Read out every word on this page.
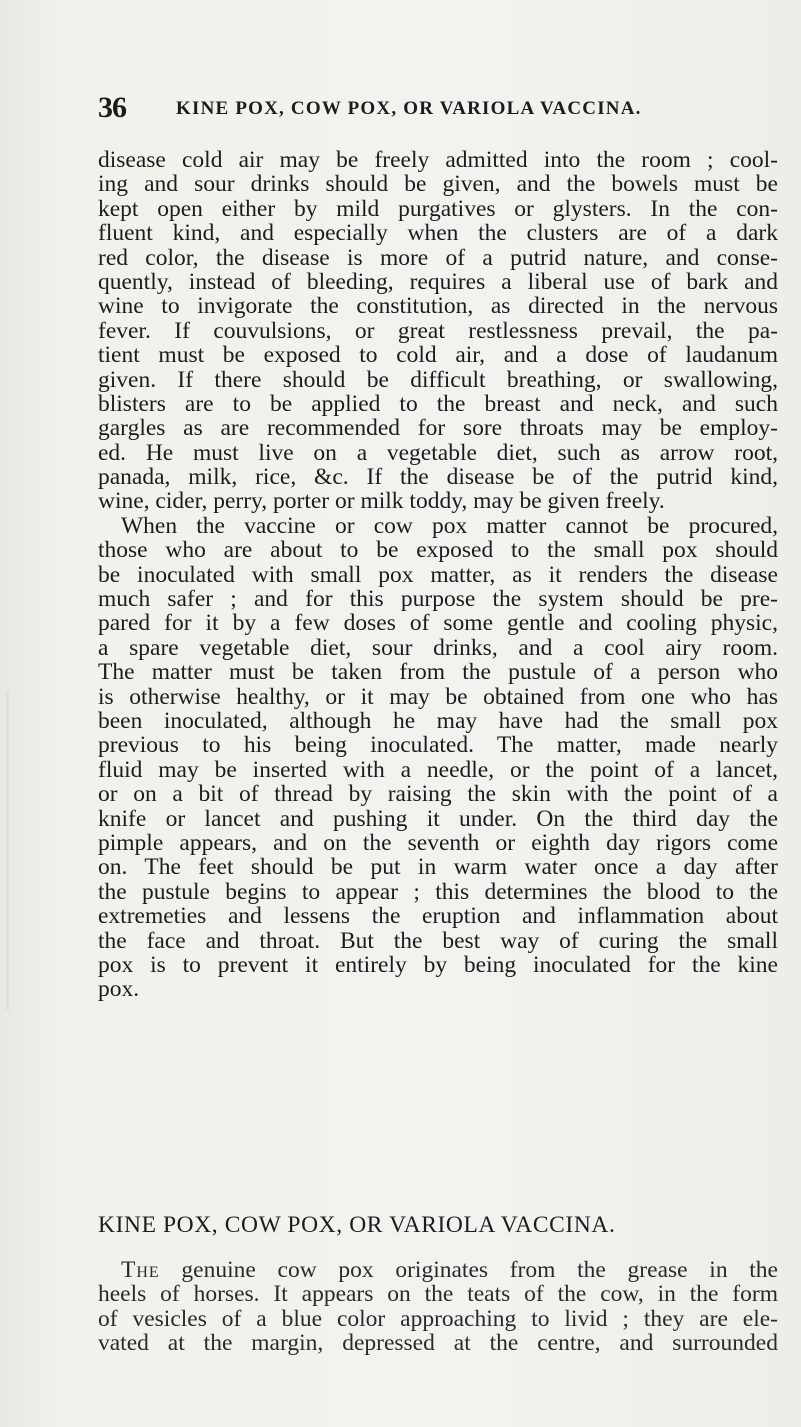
36	KINE POX, COW POX, OR VARIOLA VACCINA.
disease cold air may be freely admitted into the room ; cool-
ing and sour drinks should be given, and the bowels must be
kept open either by mild purgatives or glysters. In the con-
fluent kind, and especially when the clusters are of a dark
red color, the disease is more of a putrid nature, and conse-
quently, instead of bleeding, requires a liberal use of bark and
wine to invigorate the constitution, as directed in the nervous
fever. If couvulsions, or great restlessness prevail, the pa-
tient must be exposed to cold air, and a dose of laudanum
given. If there should be difficult breathing, or swallowing,
blisters are to be applied to the breast and neck, and such
gargles as are recommended for sore throats may be employ-
ed. He must live on a vegetable diet, such as arrow root,
panada, milk, rice, &c. If the disease be of the putrid kind,
wine, cider, perry, porter or milk toddy, may be given freely.
When the vaccine or cow pox matter cannot be procured,
those who are about to be exposed to the small pox should
be inoculated with small pox matter, as it renders the disease
much safer ; and for this purpose the system should be pre-
pared for it by a few doses of some gentle and cooling physic,
a spare vegetable diet, sour drinks, and a cool airy room.
The matter must be taken from the pustule of a person who
is otherwise healthy, or it may be obtained from one who has
been inoculated, although he may have had the small pox
previous to his being inoculated. The matter, made nearly
fluid may be inserted with a needle, or the point of a lancet,
or on a bit of thread by raising the skin with the point of a
knife or lancet and pushing it under. On the third day the
pimple appears, and on the seventh or eighth day rigors come
on. The feet should be put in warm water once a day after
the pustule begins to appear ; this determines the blood to the
extremeties and lessens the eruption and inflammation about
the face and throat. But the best way of curing the small
pox is to prevent it entirely by being inoculated for the kine
pox.
KINE POX, COW POX, OR VARIOLA VACCINA.
The genuine cow pox originates from the grease in the
heels of horses. It appears on the teats of the cow, in the form
of vesicles of a blue color approaching to livid ; they are ele-
vated at the margin, depressed at the centre, and surrounded
